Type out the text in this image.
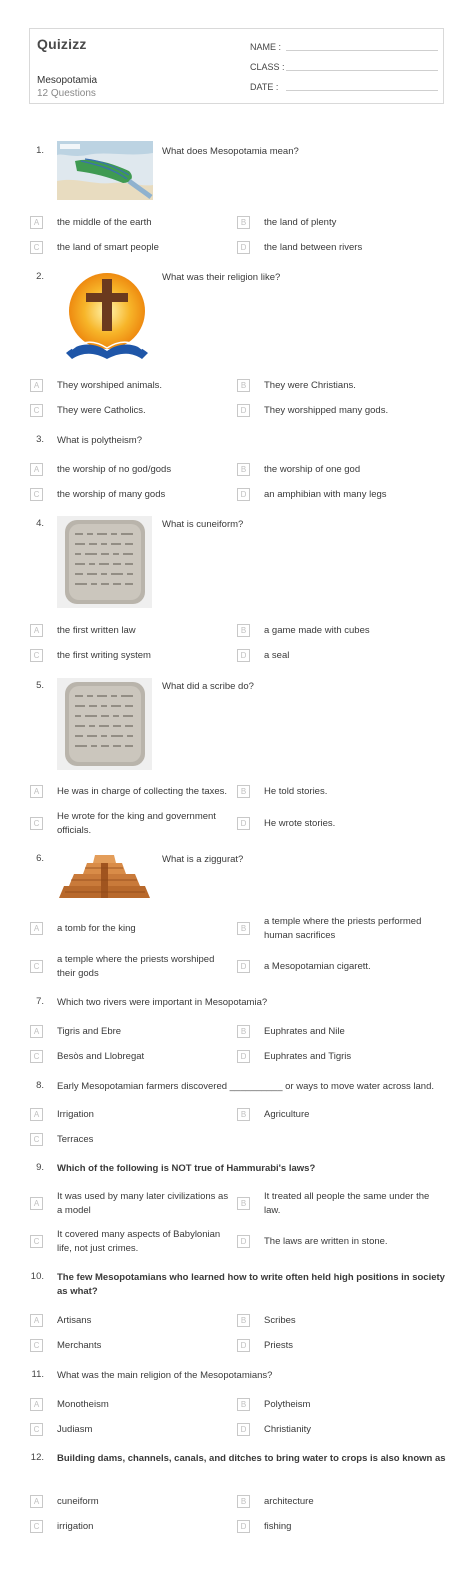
Quizizz
Mesopotamia
12 Questions
NAME :
CLASS :
DATE :
1.	What does Mesopotamia mean?
A	the middle of the earth	B	the land of plenty
C	the land of smart people	D	the land between rivers
2.	What was their religion like?
A	They worshiped animals.	B	They were Christians.
C	They were Catholics.	D	They worshipped many gods.
3. What is polytheism?
A	the worship of no god/gods	B	the worship of one god
C	the worship of many gods	D	an amphibian with many legs
4.	What is cuneiform?
A	the first written law	B	a game made with cubes
C	the first writing system	D	a seal
5.	What did a scribe do?
A	He was in charge of collecting the taxes.	B	He told stories.
C
He wrote for the king and government officials.
D	He wrote stories.
6.	What is a ziggurat?
A	a tomb for the king	B
a temple where the priests performed human sacrifices
C
a temple where the priests worshiped their gods
D	a Mesopotamian cigarett.
7. Which two rivers were important in Mesopotamia?
A	Tigris and Ebre	B	Euphrates and Nile
C	Besòs and Llobregat	D	Euphrates and Tigris
8. Early Mesopotamian farmers discovered __________ or ways to move water across land.
A	Irrigation	B	Agriculture
C	Terraces
9. Which of the following is NOT true of Hammurabi's laws?
A
It was used by many later civilizations as a model
B
It treated all people the same under the law.
C
It covered many aspects of Babylonian life, not just crimes.
D	The laws are written in stone.
10. The few Mesopotamians who learned how to write often held high positions in society as what?
A	Artisans	B	Scribes
C	Merchants	D	Priests
11. What was the main religion of the Mesopotamians?
A	Monotheism	B	Polytheism
C	Judiasm	D	Christianity
12. Building dams, channels, canals, and ditches to bring water to crops is also known as
A	cuneiform	B	architecture
C	irrigation	D	fishing
